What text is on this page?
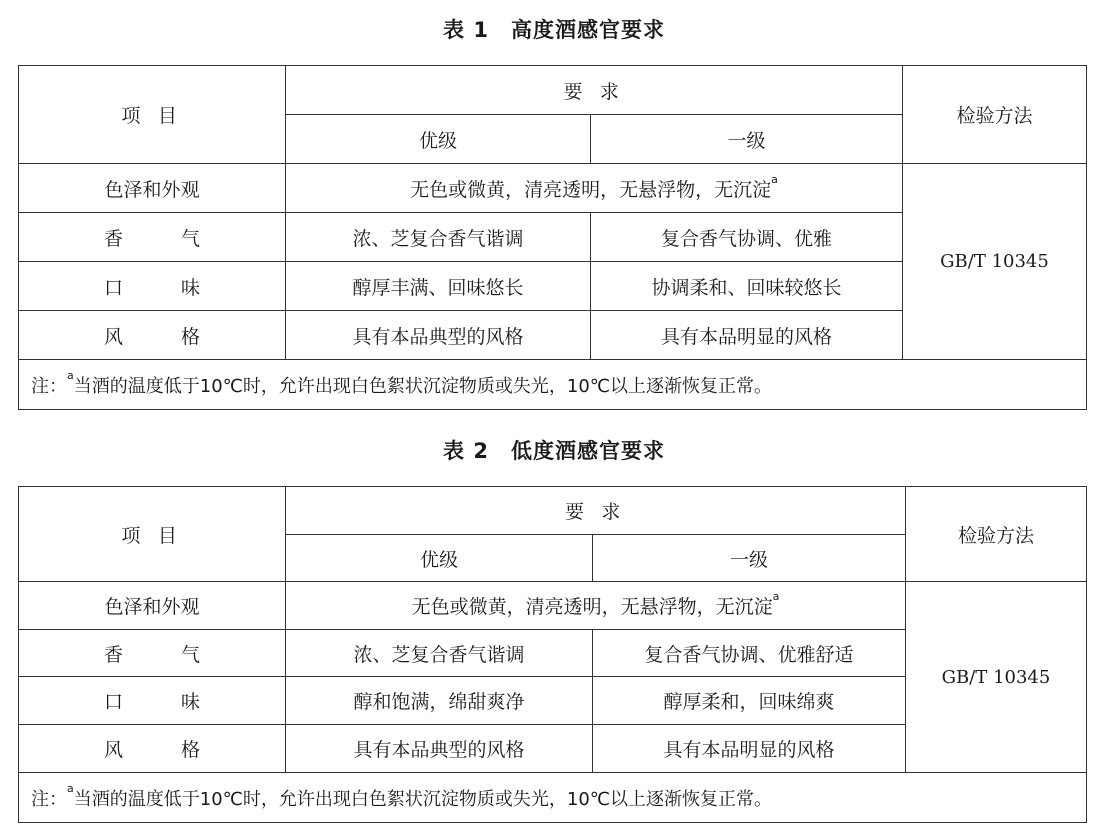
表 1 高度酒感官要求
项 目	要 求		检验方法
	优级	一级	
色泽和外观	无色或微黄，清亮透明，无悬浮物，无沉淀$^a$		GB/T 10345

香 气	浓、芝复合香气谐调	复合香气协调、优雅	

口 味	醇厚丰满、回味悠长	协调柔和、回味较悠长	

风 格	具有本品典型的风格	具有本品明显的风格	
注：$^a$当酒的温度低于10℃时，允许出现白色絮状沉淀物质或失光，10℃以上逐渐恢复正常。			
表 2 低度酒感官要求
项 目	要 求		检验方法
	优级	一级	
色泽和外观	无色或微黄，清亮透明，无悬浮物，无沉淀$^a$		GB/T 10345

香 气	浓、芝复合香气谐调	复合香气协调、优雅舒适	

口 味	醇和饱满，绵甜爽净	醇厚柔和，回味绵爽	

风 格	具有本品典型的风格	具有本品明显的风格	
注：$^a$当酒的温度低于10℃时，允许出现白色絮状沉淀物质或失光，10℃以上逐渐恢复正常。			
